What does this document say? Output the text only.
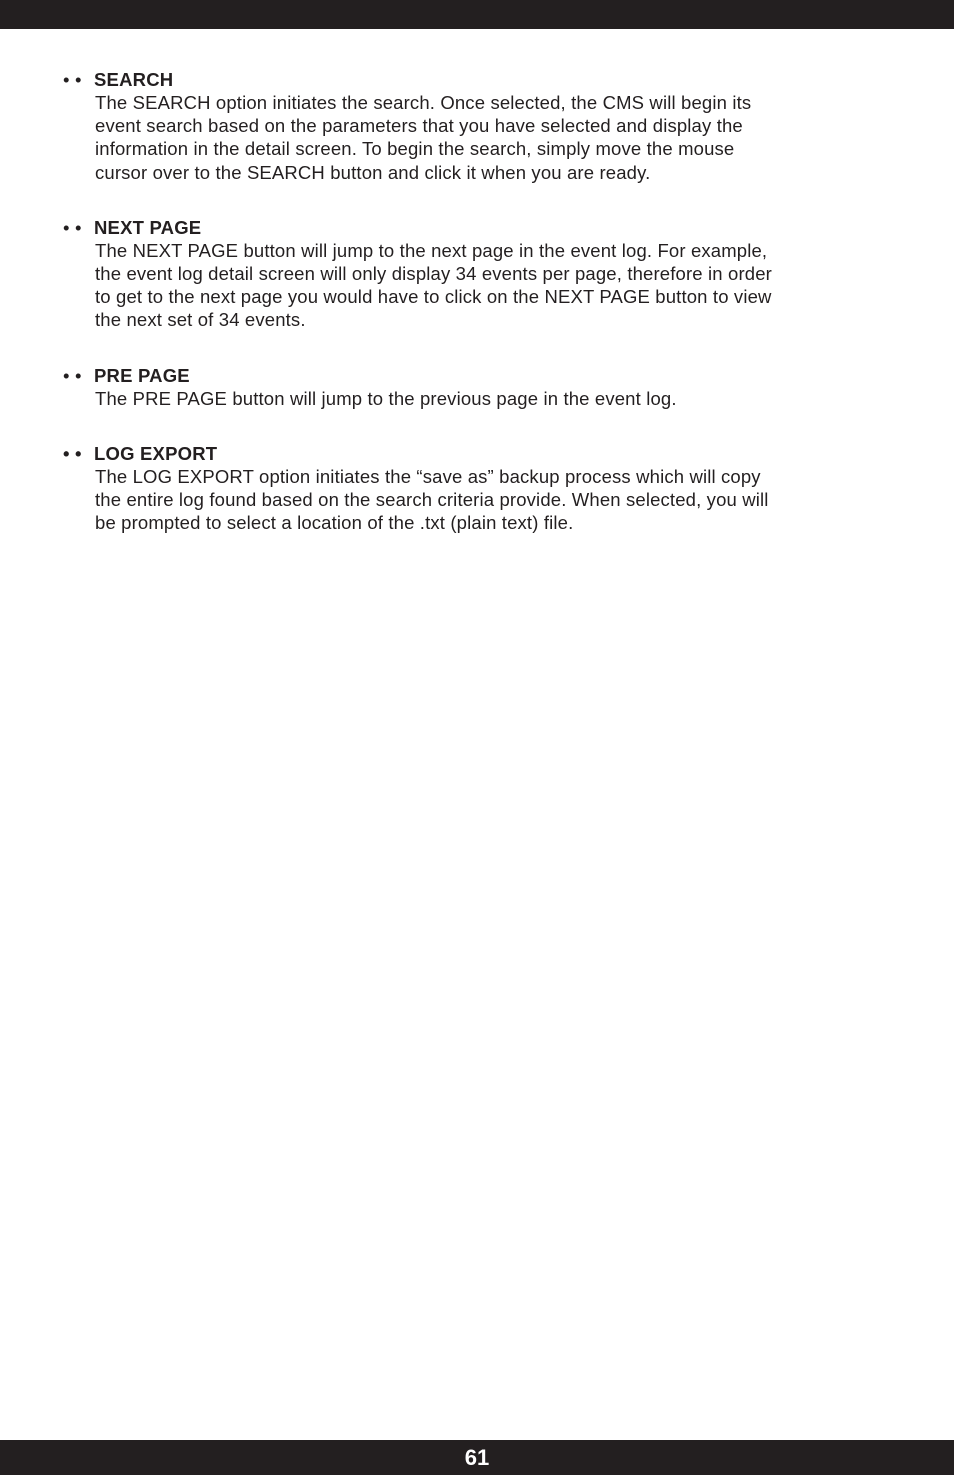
• • SEARCH
The SEARCH option initiates the search. Once selected, the CMS will begin its
event search based on the parameters that you have selected and display the
information in the detail screen. To begin the search, simply move the mouse
cursor over to the SEARCH button and click it when you are ready.
• • NEXT PAGE
The NEXT PAGE button will jump to the next page in the event log. For example,
the event log detail screen will only display 34 events per page, therefore in order
to get to the next page you would have to click on the NEXT PAGE button to view
the next set of 34 events.
• • PRE PAGE
The PRE PAGE button will jump to the previous page in the event log.
• • LOG EXPORT
The LOG EXPORT option initiates the “save as” backup process which will copy
the entire log found based on the search criteria provide. When selected, you will
be prompted to select a location of the .txt (plain text) file.
61
